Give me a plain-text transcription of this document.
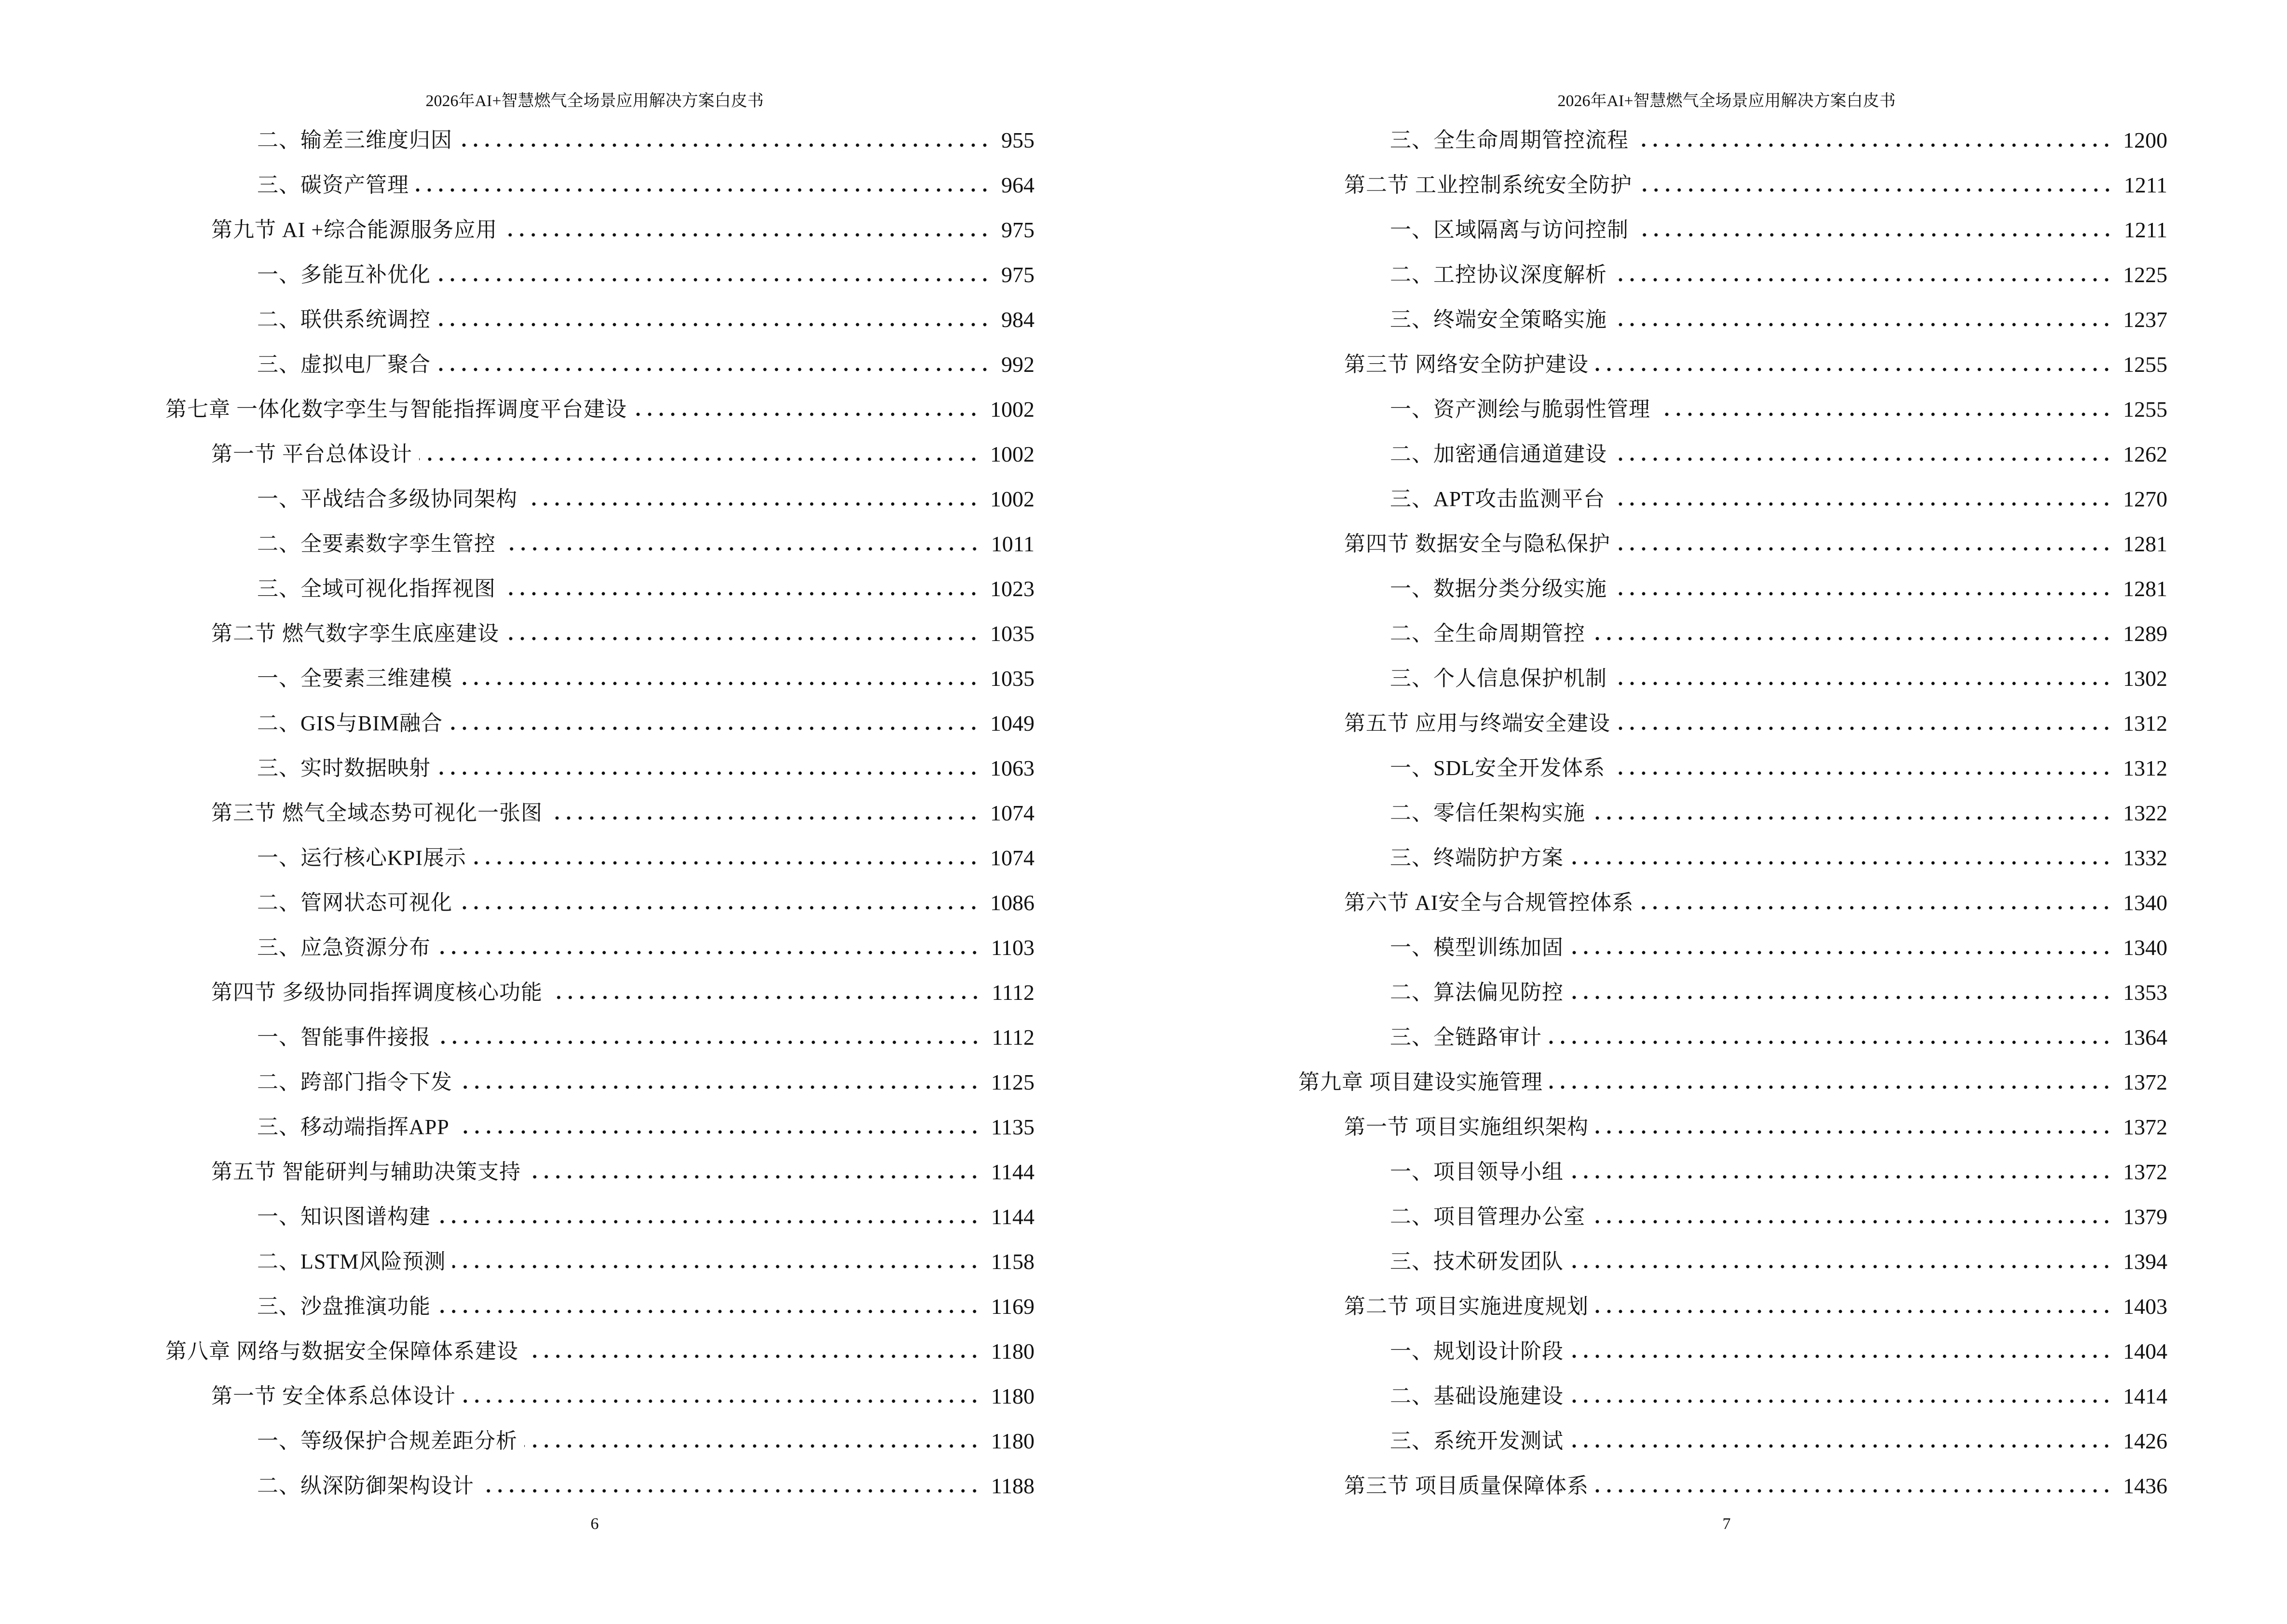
2026年AI+智慧燃气全场景应用解决方案白皮书
二、输差三维度归因	955
三、碳资产管理	964
第九节 AI +综合能源服务应用	975
一、多能互补优化	975
二、联供系统调控	984
三、虚拟电厂聚合	992
第七章 一体化数字孪生与智能指挥调度平台建设	1002
第一节 平台总体设计	1002
一、平战结合多级协同架构	1002
二、全要素数字孪生管控	1011
三、全域可视化指挥视图	1023
第二节 燃气数字孪生底座建设	1035
一、全要素三维建模	1035
二、GIS与BIM融合	1049
三、实时数据映射	1063
第三节 燃气全域态势可视化一张图	1074
一、运行核心KPI展示	1074
二、管网状态可视化	1086
三、应急资源分布	1103
第四节 多级协同指挥调度核心功能	1112
一、智能事件接报	1112
二、跨部门指令下发	1125
三、移动端指挥APP	1135
第五节 智能研判与辅助决策支持	1144
一、知识图谱构建	1144
二、LSTM风险预测	1158
三、沙盘推演功能	1169
第八章 网络与数据安全保障体系建设	1180
第一节 安全体系总体设计	1180
一、等级保护合规差距分析	1180
二、纵深防御架构设计	1188
6
2026年AI+智慧燃气全场景应用解决方案白皮书
三、全生命周期管控流程	1200
第二节 工业控制系统安全防护	1211
一、区域隔离与访问控制	1211
二、工控协议深度解析	1225
三、终端安全策略实施	1237
第三节 网络安全防护建设	1255
一、资产测绘与脆弱性管理	1255
二、加密通信通道建设	1262
三、APT攻击监测平台	1270
第四节 数据安全与隐私保护	1281
一、数据分类分级实施	1281
二、全生命周期管控	1289
三、个人信息保护机制	1302
第五节 应用与终端安全建设	1312
一、SDL安全开发体系	1312
二、零信任架构实施	1322
三、终端防护方案	1332
第六节 AI安全与合规管控体系	1340
一、模型训练加固	1340
二、算法偏见防控	1353
三、全链路审计	1364
第九章 项目建设实施管理	1372
第一节 项目实施组织架构	1372
一、项目领导小组	1372
二、项目管理办公室	1379
三、技术研发团队	1394
第二节 项目实施进度规划	1403
一、规划设计阶段	1404
二、基础设施建设	1414
三、系统开发测试	1426
第三节 项目质量保障体系	1436
7
